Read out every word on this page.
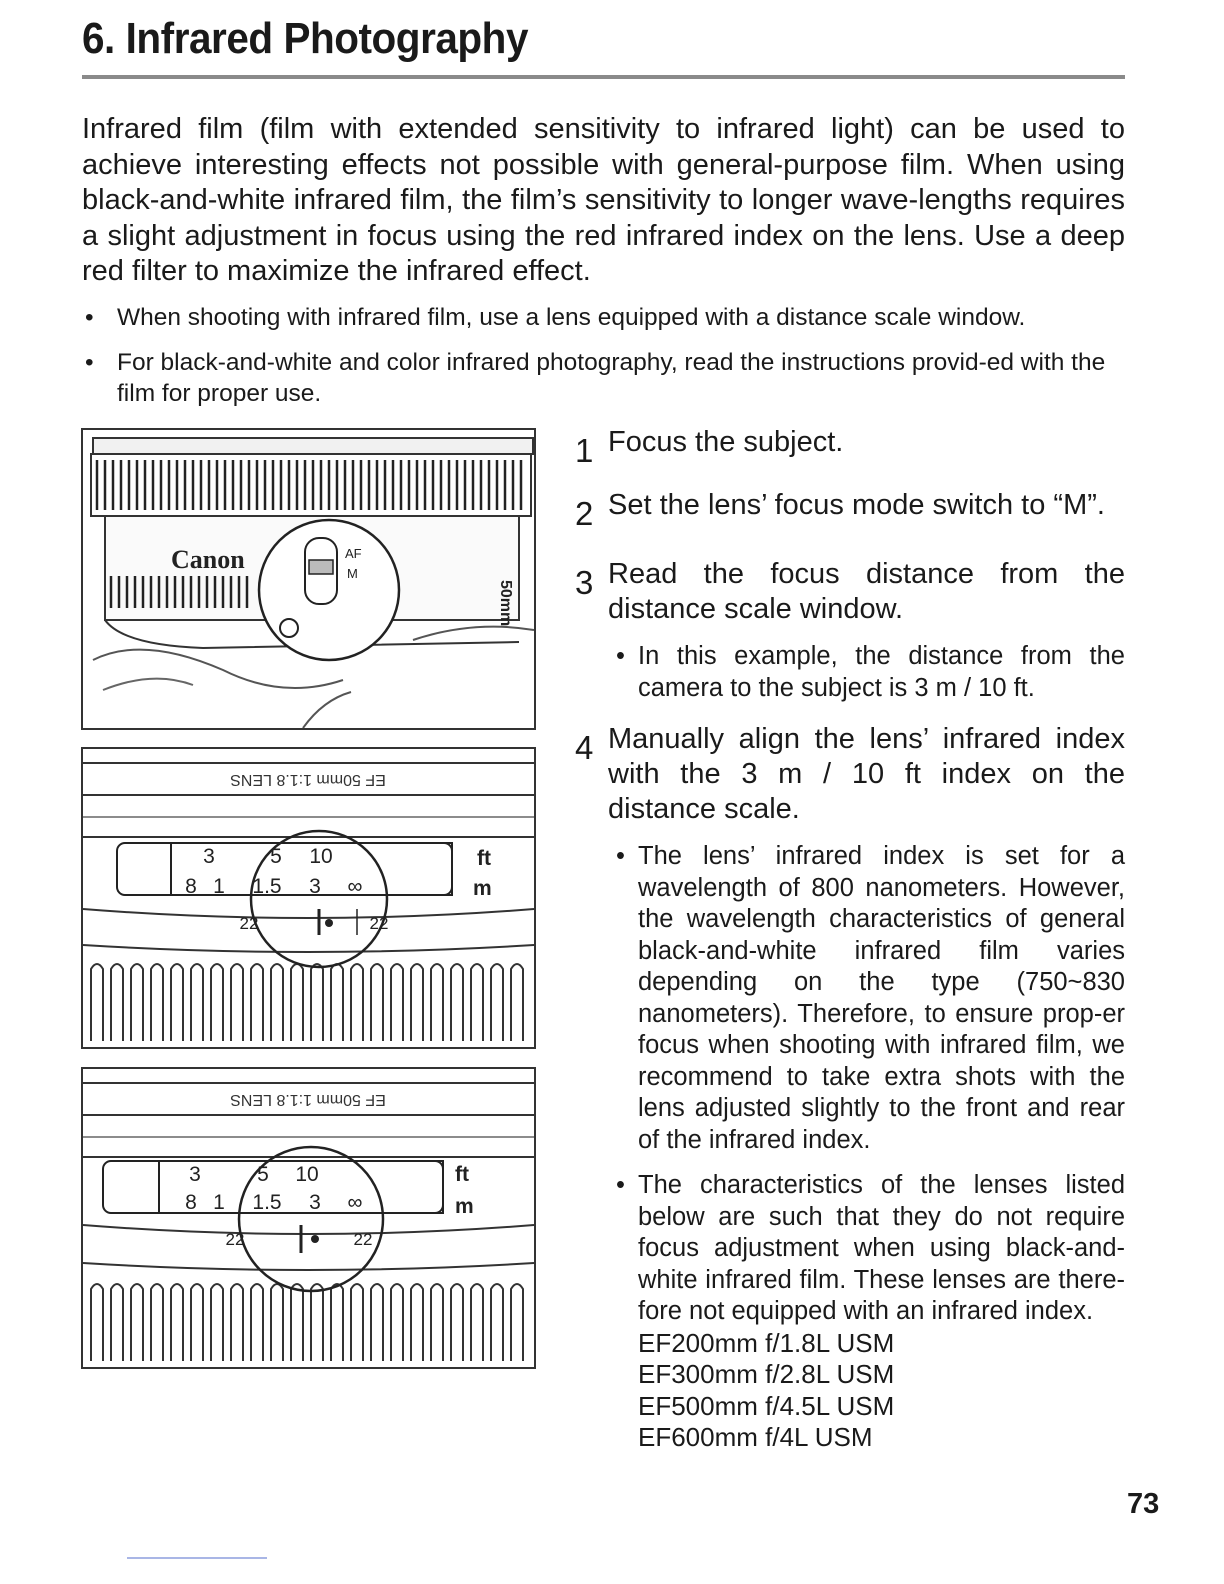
6. Infrared Photography

Infrared film (film with extended sensitivity to infrared light) can be used to achieve interesting effects not possible with general-purpose film. When using black-and-white infrared film, the film’s sensitivity to longer wave-lengths requires a slight adjustment in focus using the red infrared index on the lens. Use a deep red filter to maximize the infrared effect.

• When shooting with infrared film, use a lens equipped with a distance scale window.
• For black-and-white and color infrared photography, read the instructions provid-ed with the film for proper use.
Canon
50mm
AF
M
EF 50mm 1:1.8 LENS
3	5 10
8 1 1.5 3 ∞
ft
m
22	22
EF 50mm 1:1.8 LENS
3	5 10
8 1 1.5 3 ∞
ft
m
22	22
1 Focus the subject.
2 Set the lens’ focus mode switch to “M”.
3 Read the focus distance from the distance scale window.
• In this example, the distance from the camera to the subject is 3 m / 10 ft.
4 Manually align the lens’ infrared index with the 3 m / 10 ft index on the distance scale.
• The lens’ infrared index is set for a wavelength of 800 nanometers. However, the wavelength characteristics of general black-and-white infrared film varies depending on the type (750~830 nanometers). Therefore, to ensure prop-er focus when shooting with infrared film, we recommend to take extra shots with the lens adjusted slightly to the front and rear of the infrared index.
• The characteristics of the lenses listed below are such that they do not require focus adjustment when using black-and-white infrared film. These lenses are there-fore not equipped with an infrared index.
EF200mm f/1.8L USM
EF300mm f/2.8L USM
EF500mm f/4.5L USM
EF600mm f/4L USM
73
